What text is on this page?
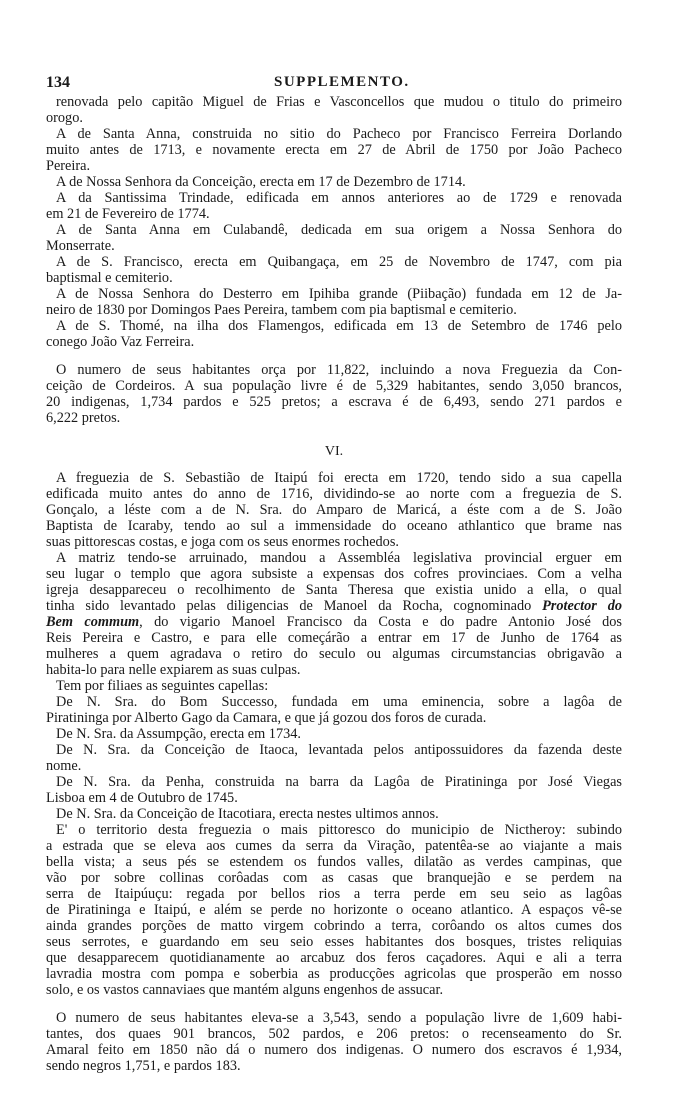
134	SUPPLEMENTO.
renovada pelo capitão Miguel de Frias e Vasconcellos que mudou o titulo do primeiro
orogo.
A de Santa Anna, construida no sitio do Pacheco por Francisco Ferreira Dorlando
muito antes de 1713, e novamente erecta em 27 de Abril de 1750 por João Pacheco
Pereira.
A de Nossa Senhora da Conceição, erecta em 17 de Dezembro de 1714.
A da Santissima Trindade, edificada em annos anteriores ao de 1729 e renovada
em 21 de Fevereiro de 1774.
A de Santa Anna em Culabandê, dedicada em sua origem a Nossa Senhora do
Monserrate.
A de S. Francisco, erecta em Quibangaça, em 25 de Novembro de 1747, com pia
baptismal e cemiterio.
A de Nossa Senhora do Desterro em Ipihiba grande (Piibação) fundada em 12 de Ja-
neiro de 1830 por Domingos Paes Pereira, tambem com pia baptismal e cemiterio.
A de S. Thomé, na ilha dos Flamengos, edificada em 13 de Setembro de 1746 pelo
conego João Vaz Ferreira.
O numero de seus habitantes orça por 11,822, incluindo a nova Freguezia da Con-
ceição de Cordeiros. A sua população livre é de 5,329 habitantes, sendo 3,050 brancos,
20 indigenas, 1,734 pardos e 525 pretos; a escrava é de 6,493, sendo 271 pardos e
6,222 pretos.
VI.
A freguezia de S. Sebastião de Itaipú foi erecta em 1720, tendo sido a sua capella
edificada muito antes do anno de 1716, dividindo-se ao norte com a freguezia de S.
Gonçalo, a léste com a de N. Sra. do Amparo de Maricá, a éste com a de S. João
Baptista de Icaraby, tendo ao sul a immensidade do oceano athlantico que brame nas
suas pittorescas costas, e joga com os seus enormes rochedos.
A matriz tendo-se arruinado, mandou a Assembléa legislativa provincial erguer em
seu lugar o templo que agora subsiste a expensas dos cofres provinciaes. Com a velha
igreja desappareceu o recolhimento de Santa Theresa que existia unido a ella, o qual
tinha sido levantado pelas diligencias de Manoel da Rocha, cognominado Protector do
Bem commum, do vigario Manoel Francisco da Costa e do padre Antonio José dos
Reis Pereira e Castro, e para elle começárão a entrar em 17 de Junho de 1764 as
mulheres a quem agradava o retiro do seculo ou algumas circumstancias obrigavão a
habita-lo para nelle expiarem as suas culpas.
Tem por filiaes as seguintes capellas:
De N. Sra. do Bom Successo, fundada em uma eminencia, sobre a lagôa de
Piratininga por Alberto Gago da Camara, e que já gozou dos foros de curada.
De N. Sra. da Assumpção, erecta em 1734.
De N. Sra. da Conceição de Itaoca, levantada pelos antipossuidores da fazenda deste
nome.
De N. Sra. da Penha, construida na barra da Lagôa de Piratininga por José Viegas
Lisboa em 4 de Outubro de 1745.
De N. Sra. da Conceição de Itacotiara, erecta nestes ultimos annos.
E' o territorio desta freguezia o mais pittoresco do municipio de Nictheroy: subindo
a estrada que se eleva aos cumes da serra da Viração, patentêa-se ao viajante a mais
bella vista; a seus pés se estendem os fundos valles, dilatão as verdes campinas, que
vão por sobre collinas corôadas com as casas que branquejão e se perdem na
serra de Itaipúuçu: regada por bellos rios a terra perde em seu seio as lagôas
de Piratininga e Itaipú, e além se perde no horizonte o oceano atlantico. A espaços vê-se
ainda grandes porções de matto virgem cobrindo a terra, corôando os altos cumes dos
seus serrotes, e guardando em seu seio esses habitantes dos bosques, tristes reliquias
que desapparecem quotidianamente ao arcabuz dos feros caçadores. Aqui e ali a terra
lavradia mostra com pompa e soberbia as producções agricolas que prosperão em nosso
solo, e os vastos cannaviaes que mantém alguns engenhos de assucar.
O numero de seus habitantes eleva-se a 3,543, sendo a população livre de 1,609 habi-
tantes, dos quaes 901 brancos, 502 pardos, e 206 pretos: o recenseamento do Sr.
Amaral feito em 1850 não dá o numero dos indigenas. O numero dos escravos é 1,934,
sendo negros 1,751, e pardos 183.
